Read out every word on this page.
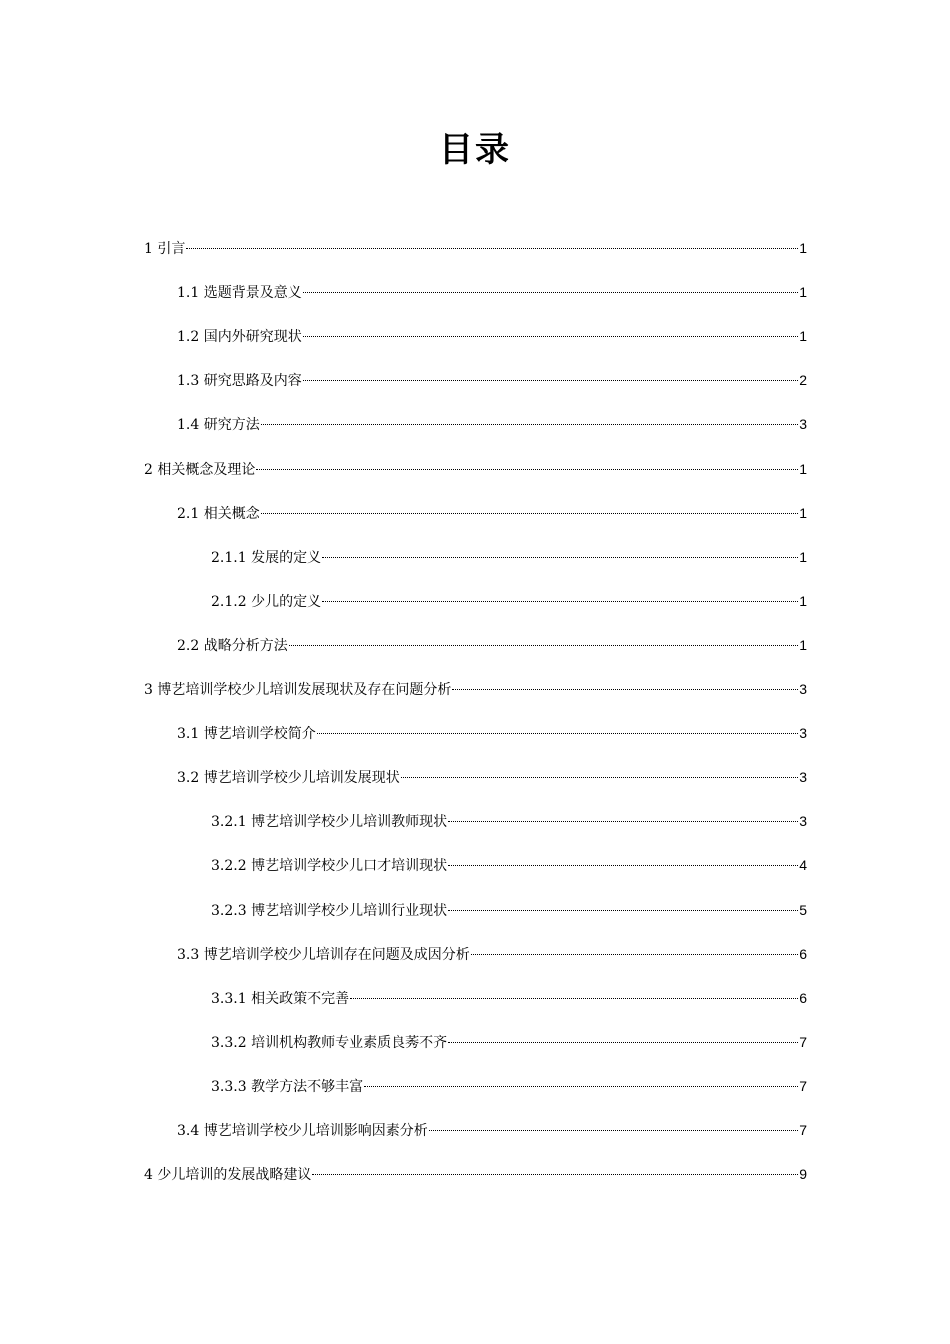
目录
1 引言	1
1.1 选题背景及意义	1
1.2 国内外研究现状	1
1.3 研究思路及内容	2
1.4 研究方法	3
2 相关概念及理论	1
2.1 相关概念	1
2.1.1 发展的定义	1
2.1.2 少儿的定义	1
2.2 战略分析方法	1
3 博艺培训学校少儿培训发展现状及存在问题分析	3
3.1 博艺培训学校简介	3
3.2 博艺培训学校少儿培训发展现状	3
3.2.1 博艺培训学校少儿培训教师现状	3
3.2.2 博艺培训学校少儿口才培训现状	4
3.2.3 博艺培训学校少儿培训行业现状	5
3.3 博艺培训学校少儿培训存在问题及成因分析	6
3.3.1 相关政策不完善	6
3.3.2 培训机构教师专业素质良莠不齐	7
3.3.3 教学方法不够丰富	7
3.4 博艺培训学校少儿培训影响因素分析	7
4 少儿培训的发展战略建议	9
